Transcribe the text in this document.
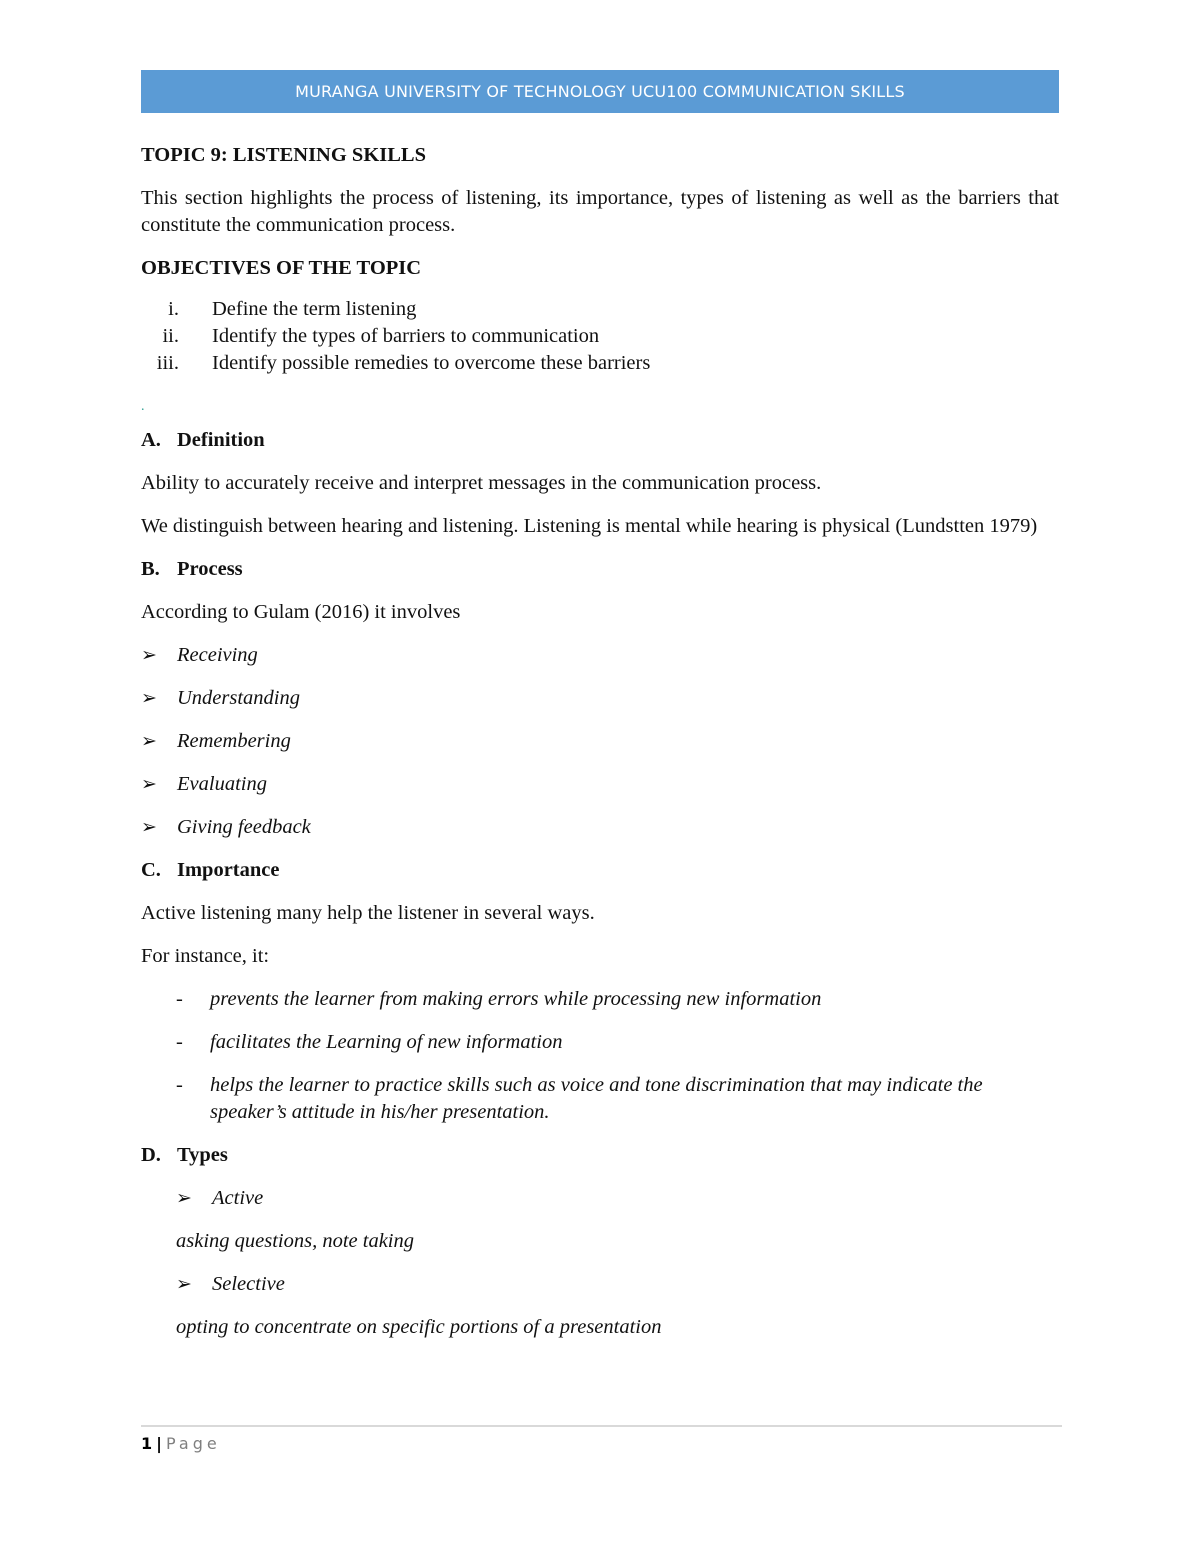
MURANGA UNIVERSITY OF TECHNOLOGY UCU100 COMMUNICATION SKILLS

TOPIC 9: LISTENING SKILLS

This section highlights the process of listening, its importance, types of listening as well as the barriers that constitute the communication process.

OBJECTIVES OF THE TOPIC

i.	Define the term listening
ii.	Identify the types of barriers to communication
iii.	Identify possible remedies to overcome these barriers
.

A. Definition

Ability to accurately receive and interpret messages in the communication process.

We distinguish between hearing and listening. Listening is mental while hearing is physical (Lundstten 1979)

B. Process

According to Gulam (2016) it involves

➢ Receiving
➢ Understanding
➢ Remembering
➢ Evaluating
➢ Giving feedback

C. Importance

Active listening many help the listener in several ways.

For instance, it:

-	prevents the learner from making errors while processing new information
-	facilitates the Learning of new information
-	helps the learner to practice skills such as voice and tone discrimination that may indicate the speaker’s attitude in his/her presentation.

D. Types

➢ Active

asking questions, note taking

➢ Selective

opting to concentrate on specific portions of a presentation

1 | Page
